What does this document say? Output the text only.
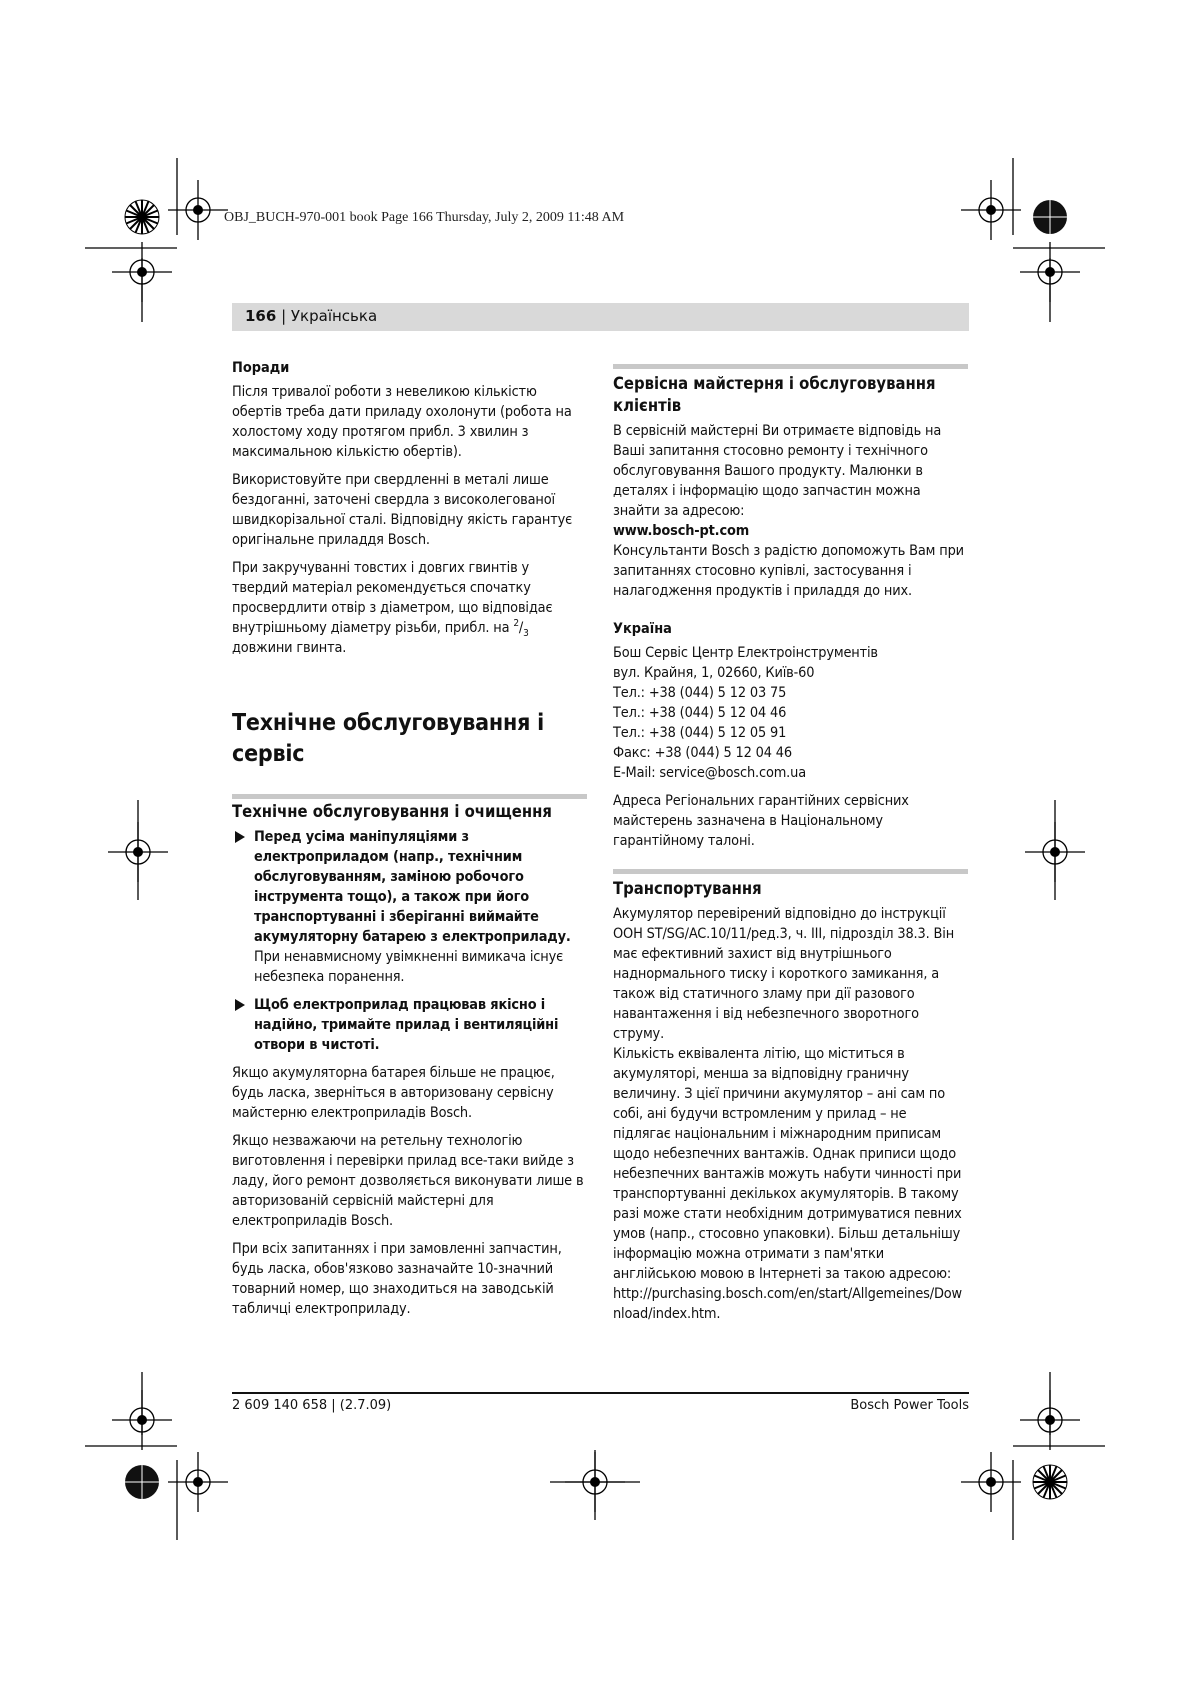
OBJ_BUCH-970-001 book Page 166 Thursday, July 2, 2009 11:48 AM
166 | Українська
Поради

Після тривалої роботи з невеликою кількістю обертів треба дати приладу охолонути (робота на холостому ходу протягом прибл. 3 хвилин з максимальною кількістю обертів).

Використовуйте при свердленні в металі лише бездоганні, заточені свердла з високолегованої швидкорізальної сталі. Відповідну якість гарантує оригінальне приладдя Bosch.

При закручуванні товстих і довгих гвинтів у твердий матеріал рекомендується спочатку просвердлити отвір з діаметром, що відповідає внутрішньому діаметру різьби, прибл. на $^2/_3$ довжини гвинта.

Технічне обслуговування і сервіс
Технічне обслуговування і очищення

Перед усіма маніпуляціями з електроприладом (напр., технічним обслуговуванням, заміною робочого інструмента тощо), а також при його транспортуванні і зберіганні виймайте акумуляторну батарею з електроприладу. При ненавмисному увімкненні вимикача існує небезпека поранення.

Щоб електроприлад працював якісно і надійно, тримайте прилад і вентиляційні отвори в чистоті.

Якщо акумуляторна батарея більше не працює, будь ласка, зверніться в авторизовану сервісну майстерню електроприладів Bosch.

Якщо незважаючи на ретельну технологію виготовлення і перевірки прилад все-таки вийде з ладу, його ремонт дозволяється виконувати лише в авторизованій сервісній майстерні для електроприладів Bosch.

При всіх запитаннях і при замовленні запчастин, будь ласка, обов'язково зазначайте 10-значний товарний номер, що знаходиться на заводській табличці електроприладу.

Сервісна майстерня і обслуговування клієнтів

В сервісній майстерні Ви отримаєте відповідь на Ваші запитання стосовно ремонту і технічного обслуговування Вашого продукту. Малюнки в деталях і інформацію щодо запчастин можна знайти за адресою:

www.bosch-pt.com

Консультанти Bosch з радістю допоможуть Вам при запитаннях стосовно купівлі, застосування і налагодження продуктів і приладдя до них.

Україна

Бош Сервіс Центр Електроінструментів

вул. Крайня, 1, 02660, Київ-60

Тел.: +38 (044) 5 12 03 75

Тел.: +38 (044) 5 12 04 46

Тел.: +38 (044) 5 12 05 91

Факс: +38 (044) 5 12 04 46

E-Mail: service@bosch.com.ua

Адреса Регіональних гарантійних сервісних майстерень зазначена в Національному гарантійному талоні.

Транспортування

Акумулятор перевірений відповідно до інструкції ООН ST/SG/AC.10/11/ред.3, ч. III, підрозділ 38.3. Він має ефективний захист від внутрішнього наднормального тиску і короткого замикання, а також від статичного зламу при дії разового навантаження і від небезпечного зворотного струму.

Кількість еквівалента літію, що міститься в акумуляторі, менша за відповідну граничну величину. З цієї причини акумулятор – ані сам по собі, ані будучи встромленим у прилад – не підлягає національним і міжнародним приписам щодо небезпечних вантажів. Однак приписи щодо небезпечних вантажів можуть набути чинності при транспортуванні декількох акумуляторів. В такому разі може стати необхідним дотримуватися певних умов (напр., стосовно упаковки). Більш детальнішу інформацію можна отримати з пам'ятки англійською мовою в Інтернеті за такою адресою:

http://purchasing.bosch.com/en/start/Allgemeines/Download/index.htm.

2 609 140 658 | (2.7.09)	Bosch Power Tools
